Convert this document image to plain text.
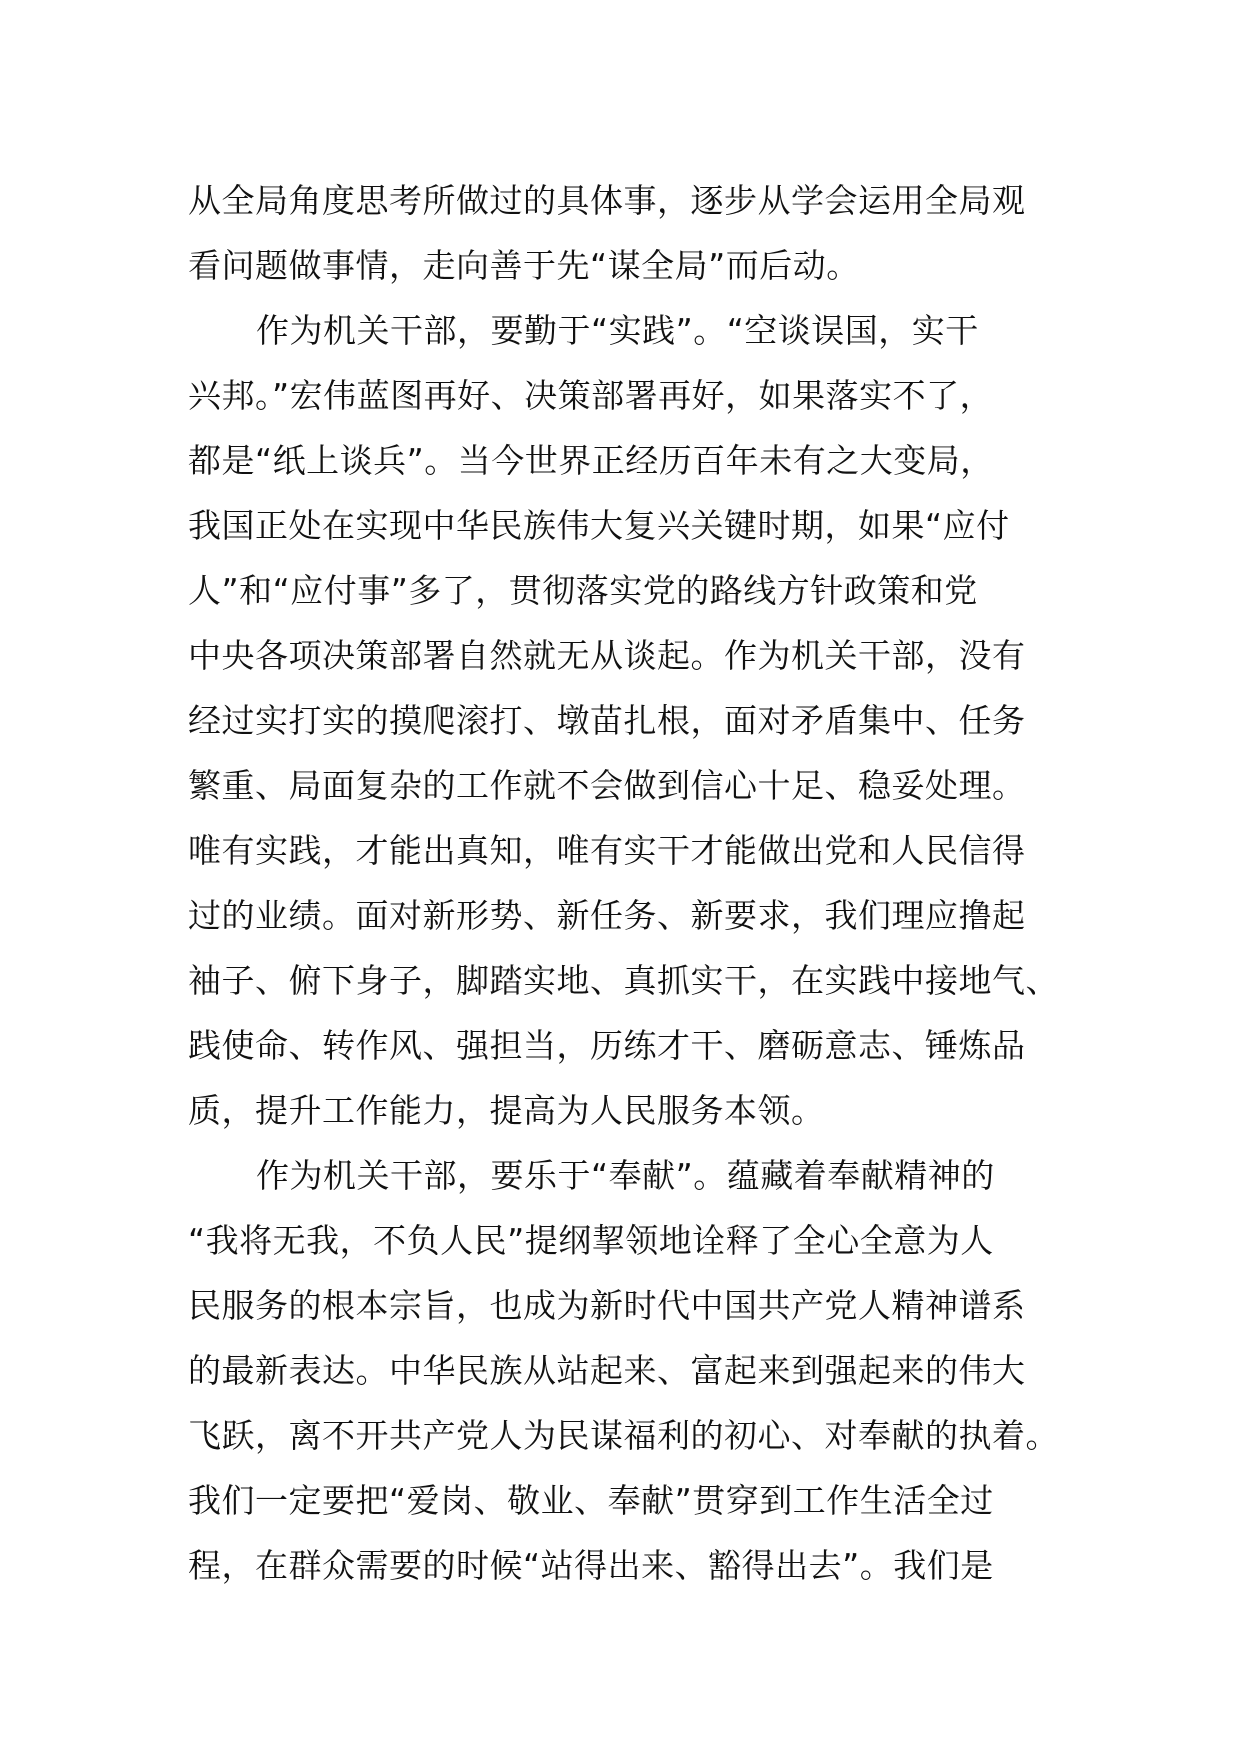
从全局角度思考所做过的具体事，逐步从学会运用全局观
看问题做事情，走向善于先“谋全局”而后动。
作为机关干部，要勤于“实践”。“空谈误国，实干
兴邦。”宏伟蓝图再好、决策部署再好，如果落实不了，
都是“纸上谈兵”。当今世界正经历百年未有之大变局，
我国正处在实现中华民族伟大复兴关键时期，如果“应付
人”和“应付事”多了，贯彻落实党的路线方针政策和党
中央各项决策部署自然就无从谈起。作为机关干部，没有
经过实打实的摸爬滚打、墩苗扎根，面对矛盾集中、任务
繁重、局面复杂的工作就不会做到信心十足、稳妥处理。
唯有实践，才能出真知，唯有实干才能做出党和人民信得
过的业绩。面对新形势、新任务、新要求，我们理应撸起
袖子、俯下身子，脚踏实地、真抓实干，在实践中接地气、
践使命、转作风、强担当，历练才干、磨砺意志、锤炼品
质，提升工作能力，提高为人民服务本领。
作为机关干部，要乐于“奉献”。蕴藏着奉献精神的
“我将无我，不负人民”提纲挈领地诠释了全心全意为人
民服务的根本宗旨，也成为新时代中国共产党人精神谱系
的最新表达。中华民族从站起来、富起来到强起来的伟大
飞跃，离不开共产党人为民谋福利的初心、对奉献的执着。
我们一定要把“爱岗、敬业、奉献”贯穿到工作生活全过
程，在群众需要的时候“站得出来、豁得出去”。我们是
